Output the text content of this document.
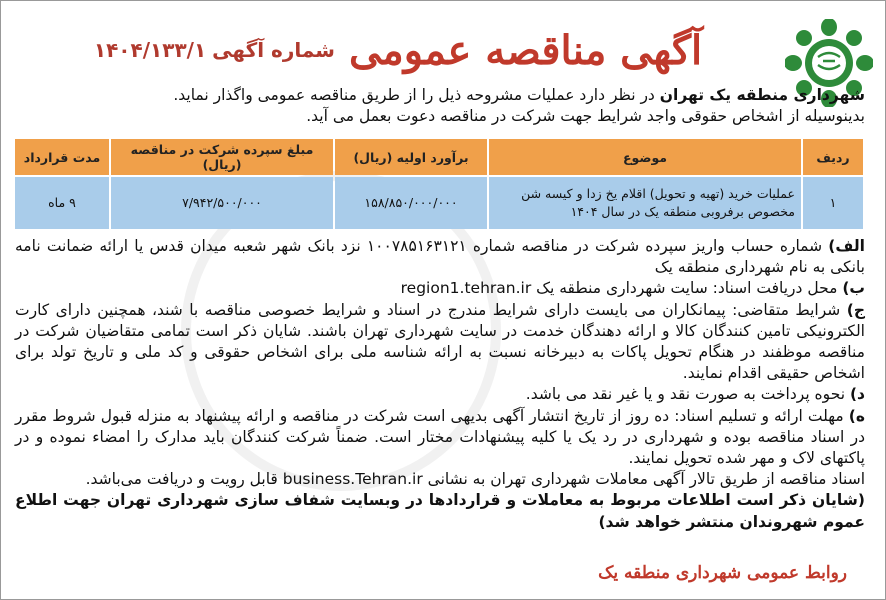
آگهی مناقصه عمومی
شماره آگهی
۱۴۰۴/۱۳۳/۱
شهرداری منطقه یک تهران در نظر دارد عملیات مشروحه ذیل را از طریق مناقصه عمومی واگذار نماید.
بدینوسیله از اشخاص حقوقی واجد شرایط جهت شرکت در مناقصه دعوت بعمل می آید.
ردیف	موضوع	برآورد اولیه (ریال)	مبلغ سپرده شرکت در مناقصه (ریال)	مدت قرارداد
۱	عملیات خرید (تهیه و تحویل) اقلام یخ زدا و کیسه شن مخصوص برفروبی منطقه یک در سال ۱۴۰۴	۱۵۸/۸۵۰/۰۰۰/۰۰۰	۷/۹۴۲/۵۰۰/۰۰۰	۹ ماه

الف) شماره حساب واریز سپرده شرکت در مناقصه شماره ۱۰۰۷۸۵۱۶۳۱۲۱ نزد بانک شهر شعبه میدان قدس یا ارائه ضمانت نامه بانکی به نام شهرداری منطقه یک

ب) محل دریافت اسناد: سایت شهرداری منطقه یک region1.tehran.ir

ج) شرایط متقاضی: پیمانکاران می بایست دارای شرایط مندرج در اسناد و شرایط خصوصی مناقصه با شند، همچنین دارای کارت الکترونیکی تامین کنندگان کالا و ارائه دهندگان خدمت در سایت شهرداری تهران باشند. شایان ذکر است تمامی متقاضیان شرکت در مناقصه موظفند در هنگام تحویل پاکات به دبیرخانه نسبت به ارائه شناسه ملی برای اشخاص حقوقی و کد ملی و تاریخ تولد برای اشخاص حقیقی اقدام نمایند.

د) نحوه پرداخت به صورت نقد و یا غیر نقد می باشد.

ه) مهلت ارائه و تسلیم اسناد: ده روز از تاریخ انتشار آگهی بدیهی است شرکت در مناقصه و ارائه پیشنهاد به منزله قبول شروط مقرر در اسناد مناقصه بوده و شهرداری در رد یک یا کلیه پیشنهادات مختار است. ضمناً شرکت کنندگان باید مدارک را امضاء نموده و در پاکتهای لاک و مهر شده تحویل نمایند.

اسناد مناقصه از طریق تالار آگهی معاملات شهرداری تهران به نشانی business.Tehran.ir قابل رویت و دریافت می‌باشد.

(شایان ذکر است اطلاعات مربوط به معاملات و قراردادها در وبسایت شفاف سازی شهرداری تهران جهت اطلاع عموم شهروندان منتشر خواهد شد)

روابط عمومی شهرداری منطقه یک
